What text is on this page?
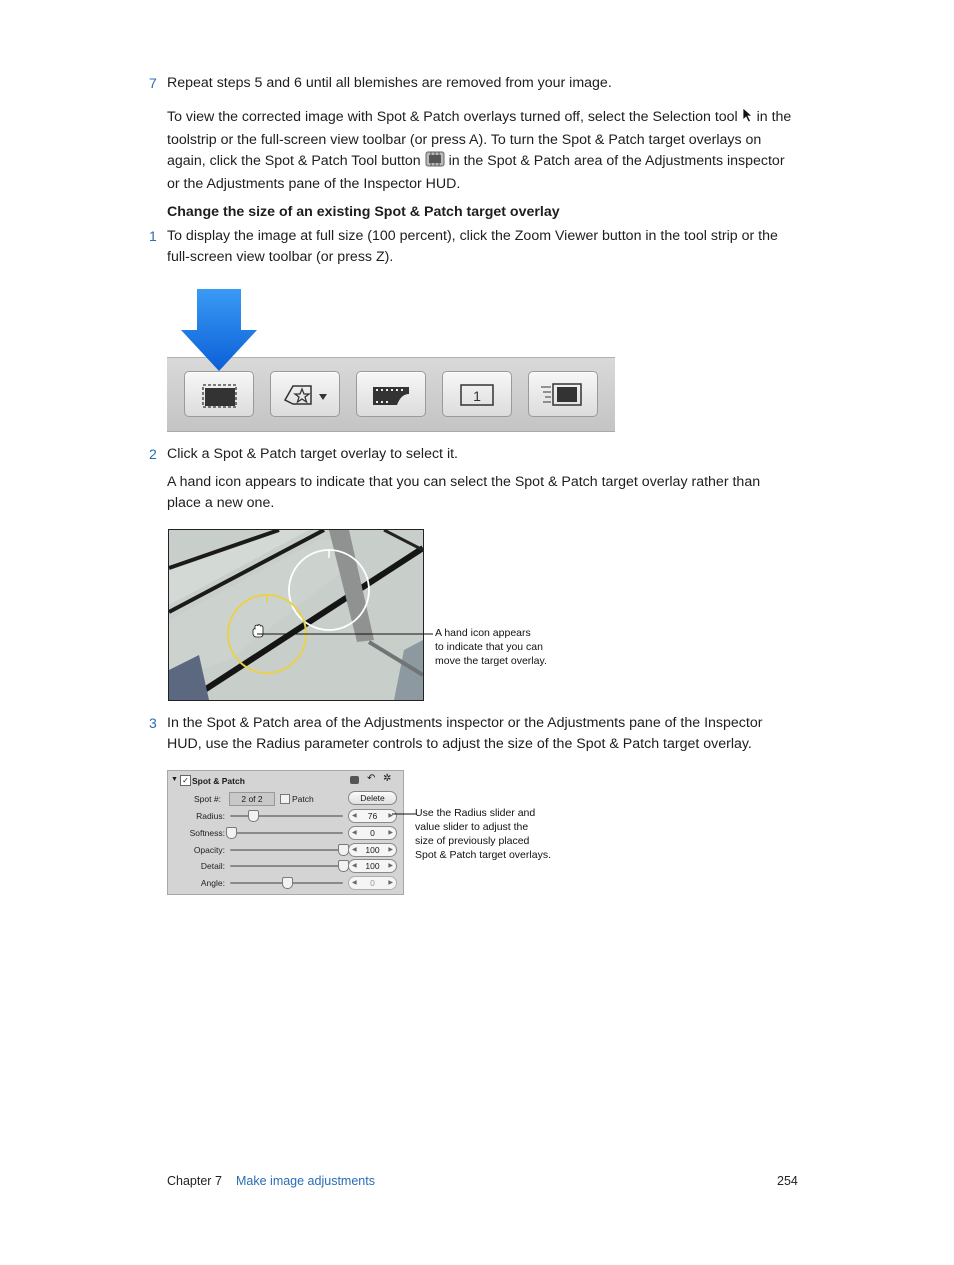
7 Repeat steps 5 and 6 until all blemishes are removed from your image.
To view the corrected image with Spot & Patch overlays turned off, select the Selection tool  in the toolstrip or the full-screen view toolbar (or press A). To turn the Spot & Patch target overlays on again, click the Spot & Patch Tool button  in the Spot & Patch area of the Adjustments inspector or the Adjustments pane of the Inspector HUD.
Change the size of an existing Spot & Patch target overlay
1 To display the image at full size (100 percent), click the Zoom Viewer button in the tool strip or the full-screen view toolbar (or press Z).
1
2 Click a Spot & Patch target overlay to select it.
A hand icon appears to indicate that you can select the Spot & Patch target overlay rather than place a new one.
A hand icon appears
to indicate that you can
move the target overlay.
3 In the Spot & Patch area of the Adjustments inspector or the Adjustments pane of the Inspector HUD, use the Radius parameter controls to adjust the size of the Spot & Patch target overlay.
▼ ✓ Spot & Patch	↶ ✲
Spot #:	2 of 2	Patch	Delete
Radius:	◀ 76 ▶
Softness:	◀ 0 ▶
Opacity:	◀ 100 ▶
Detail:	◀ 100 ▶
Angle:	◀ 0 ▶
Use the Radius slider and
value slider to adjust the
size of previously placed
Spot & Patch target overlays.
Chapter 7 Make image adjustments	254
